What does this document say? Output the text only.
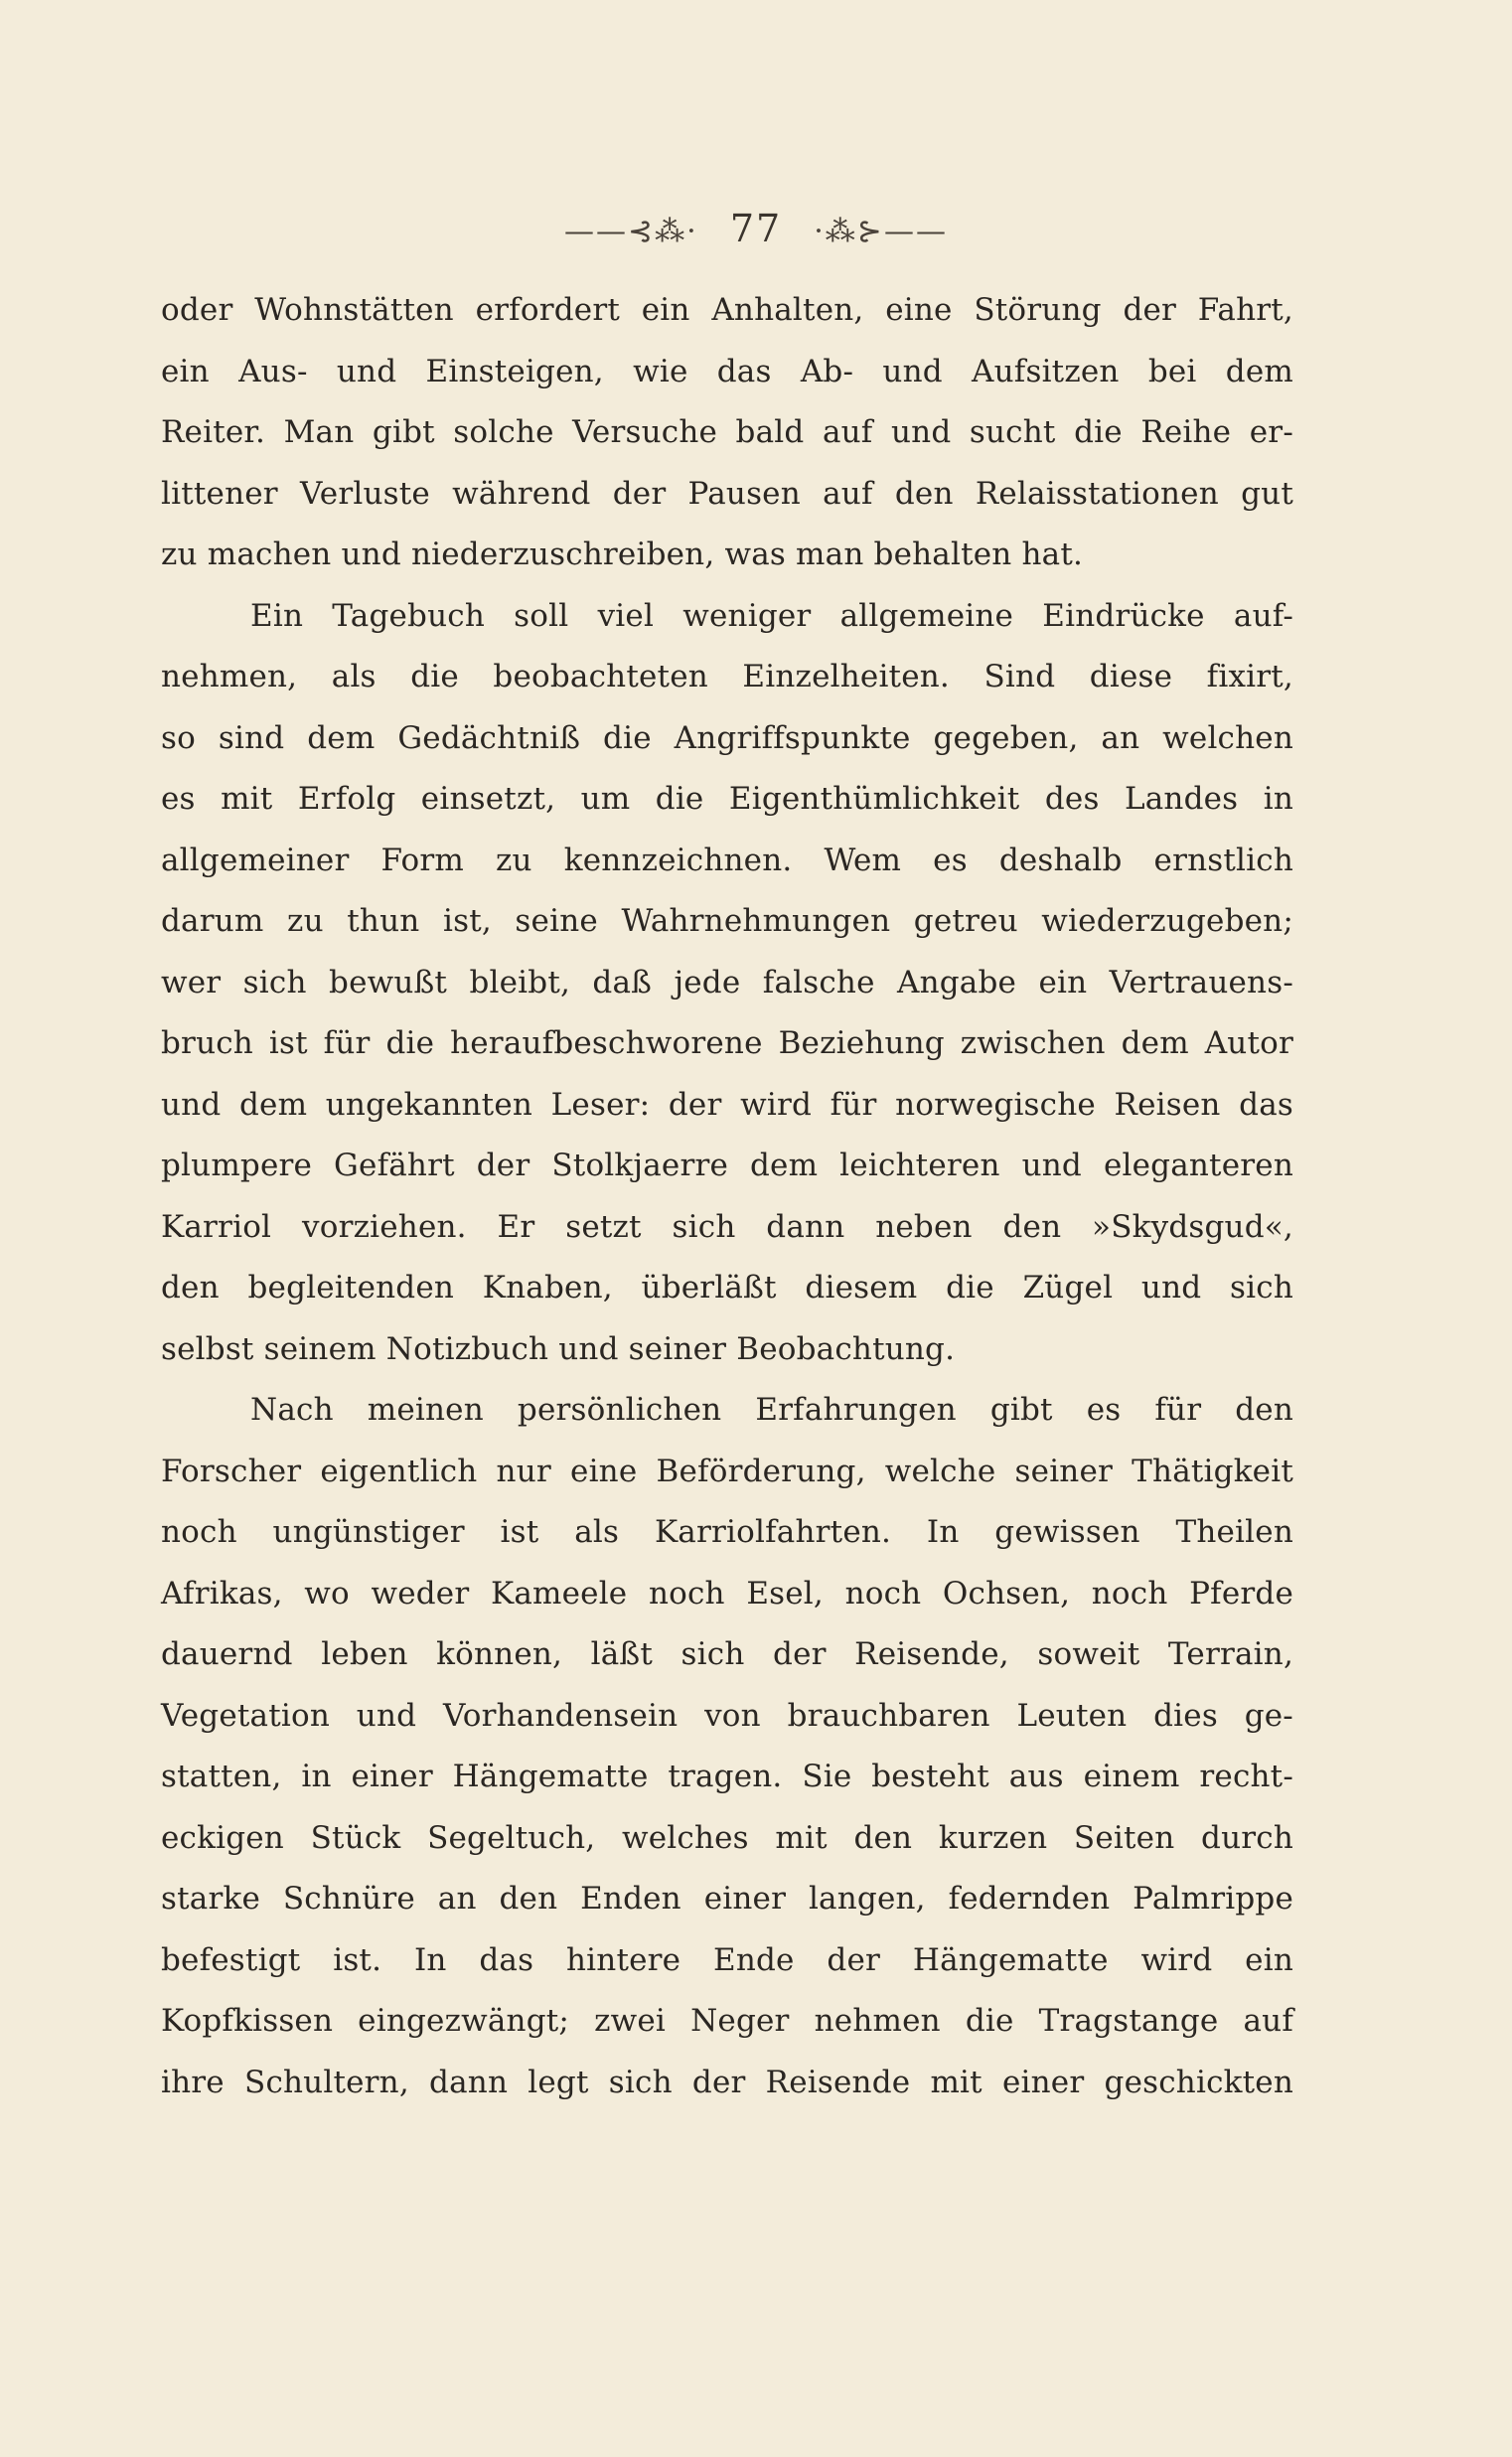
——⊰⁂· 77 ·⁂⊱——
oder Wohnstätten erfordert ein Anhalten, eine Störung der Fahrt,
ein Aus- und Einsteigen, wie das Ab- und Aufsitzen bei dem
Reiter. Man gibt solche Versuche bald auf und sucht die Reihe er-
littener Verluste während der Pausen auf den Relaisstationen gut
zu machen und niederzuschreiben, was man behalten hat.
Ein Tagebuch soll viel weniger allgemeine Eindrücke auf-
nehmen, als die beobachteten Einzelheiten. Sind diese fixirt,
so sind dem Gedächtniß die Angriffspunkte gegeben, an welchen
es mit Erfolg einsetzt, um die Eigenthümlichkeit des Landes in
allgemeiner Form zu kennzeichnen. Wem es deshalb ernstlich
darum zu thun ist, seine Wahrnehmungen getreu wiederzugeben;
wer sich bewußt bleibt, daß jede falsche Angabe ein Vertrauens-
bruch ist für die heraufbeschworene Beziehung zwischen dem Autor
und dem ungekannten Leser: der wird für norwegische Reisen das
plumpere Gefährt der Stolkjaerre dem leichteren und eleganteren
Karriol vorziehen. Er setzt sich dann neben den »Skydsgud«,
den begleitenden Knaben, überläßt diesem die Zügel und sich
selbst seinem Notizbuch und seiner Beobachtung.
Nach meinen persönlichen Erfahrungen gibt es für den
Forscher eigentlich nur eine Beförderung, welche seiner Thätigkeit
noch ungünstiger ist als Karriolfahrten. In gewissen Theilen
Afrikas, wo weder Kameele noch Esel, noch Ochsen, noch Pferde
dauernd leben können, läßt sich der Reisende, soweit Terrain,
Vegetation und Vorhandensein von brauchbaren Leuten dies ge-
statten, in einer Hängematte tragen. Sie besteht aus einem recht-
eckigen Stück Segeltuch, welches mit den kurzen Seiten durch
starke Schnüre an den Enden einer langen, federnden Palmrippe
befestigt ist. In das hintere Ende der Hängematte wird ein
Kopfkissen eingezwängt; zwei Neger nehmen die Tragstange auf
ihre Schultern, dann legt sich der Reisende mit einer geschickten
